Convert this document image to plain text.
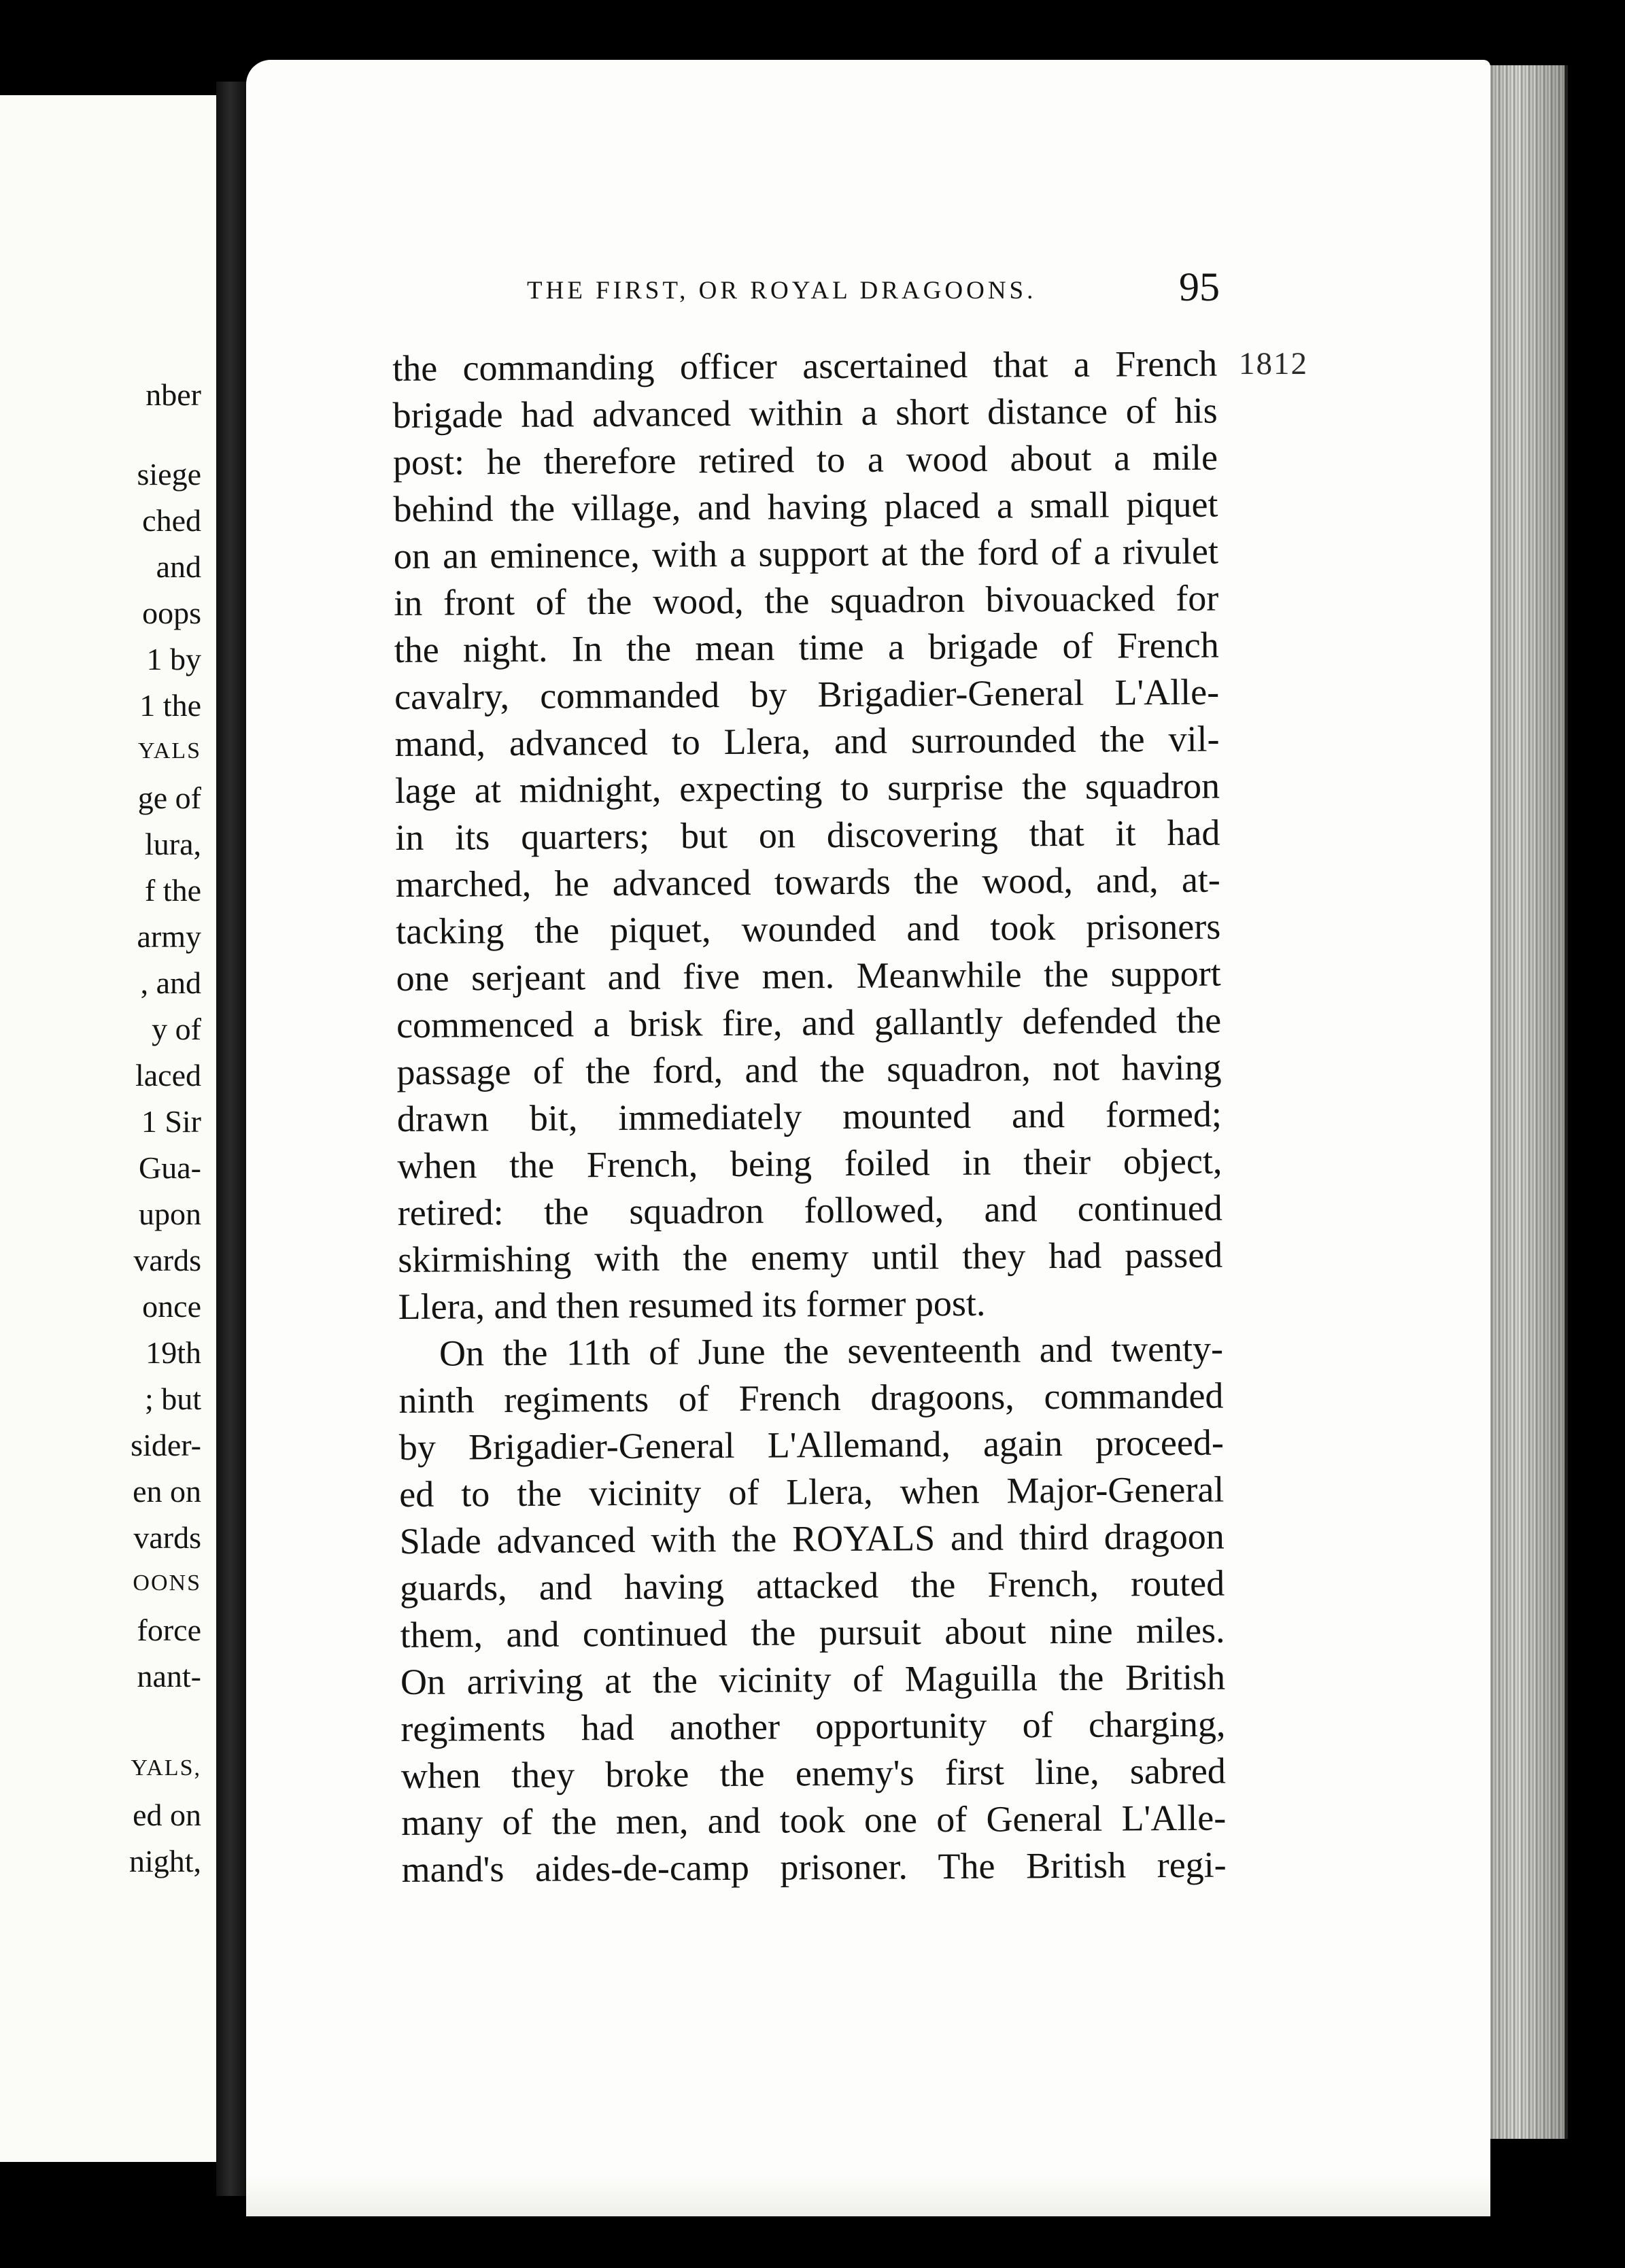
nber
siege
ched
and
oops
1 by
1 the
YALS
ge of
lura,
f the
army
, and
y of
laced
1 Sir
Gua-
upon
vards
once
19th
; but
sider-
en on
vards
OONS
force
nant-
YALS,
ed on
night,
THE FIRST, OR ROYAL DRAGOONS.	95
1812
the commanding officer ascertained that a French
brigade had advanced within a short distance of his
post: he therefore retired to a wood about a mile
behind the village, and having placed a small piquet
on an eminence, with a support at the ford of a rivulet
in front of the wood, the squadron bivouacked for
the night. In the mean time a brigade of French
cavalry, commanded by Brigadier-General L'Alle-
mand, advanced to Llera, and surrounded the vil-
lage at midnight, expecting to surprise the squadron
in its quarters; but on discovering that it had
marched, he advanced towards the wood, and, at-
tacking the piquet, wounded and took prisoners
one serjeant and five men. Meanwhile the support
commenced a brisk fire, and gallantly defended the
passage of the ford, and the squadron, not having
drawn bit, immediately mounted and formed;
when the French, being foiled in their object,
retired: the squadron followed, and continued
skirmishing with the enemy until they had passed
Llera, and then resumed its former post.
On the 11th of June the seventeenth and twenty-
ninth regiments of French dragoons, commanded
by Brigadier-General L'Allemand, again proceed-
ed to the vicinity of Llera, when Major-General
Slade advanced with the ROYALS and third dragoon
guards, and having attacked the French, routed
them, and continued the pursuit about nine miles.
On arriving at the vicinity of Maguilla the British
regiments had another opportunity of charging,
when they broke the enemy's first line, sabred
many of the men, and took one of General L'Alle-
mand's aides-de-camp prisoner. The British regi-
